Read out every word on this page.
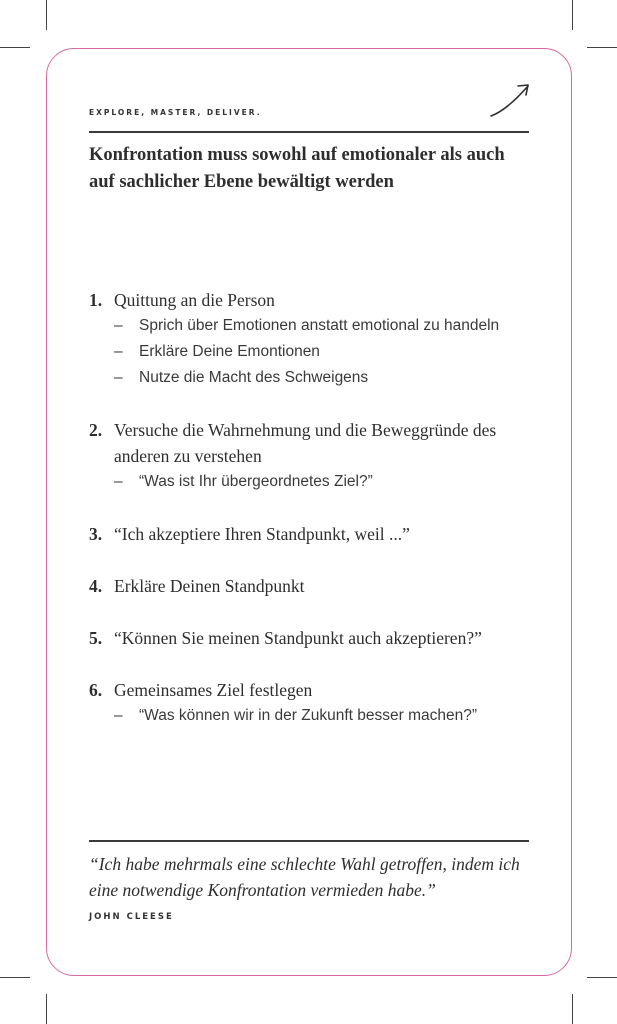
EXPLORE, MASTER, DELIVER.
Konfrontation muss sowohl auf emotionaler als auch auf sachlicher Ebene bewältigt werden
1. Quittung an die Person
–	Sprich über Emotionen anstatt emotional zu handeln
–	Erkläre Deine Emontionen
–	Nutze die Macht des Schweigens
2. Versuche die Wahrnehmung und die Beweggründe des anderen zu verstehen
–	“Was ist Ihr übergeordnetes Ziel?”
3. “Ich akzeptiere Ihren Standpunkt, weil ...”
4. Erkläre Deinen Standpunkt
5. “Können Sie meinen Standpunkt auch akzeptieren?”
6. Gemeinsames Ziel festlegen
–	“Was können wir in der Zukunft besser machen?”

“Ich habe mehrmals eine schlechte Wahl getroffen, indem ich eine notwendige Konfrontation vermieden habe.”

JOHN CLEESE
